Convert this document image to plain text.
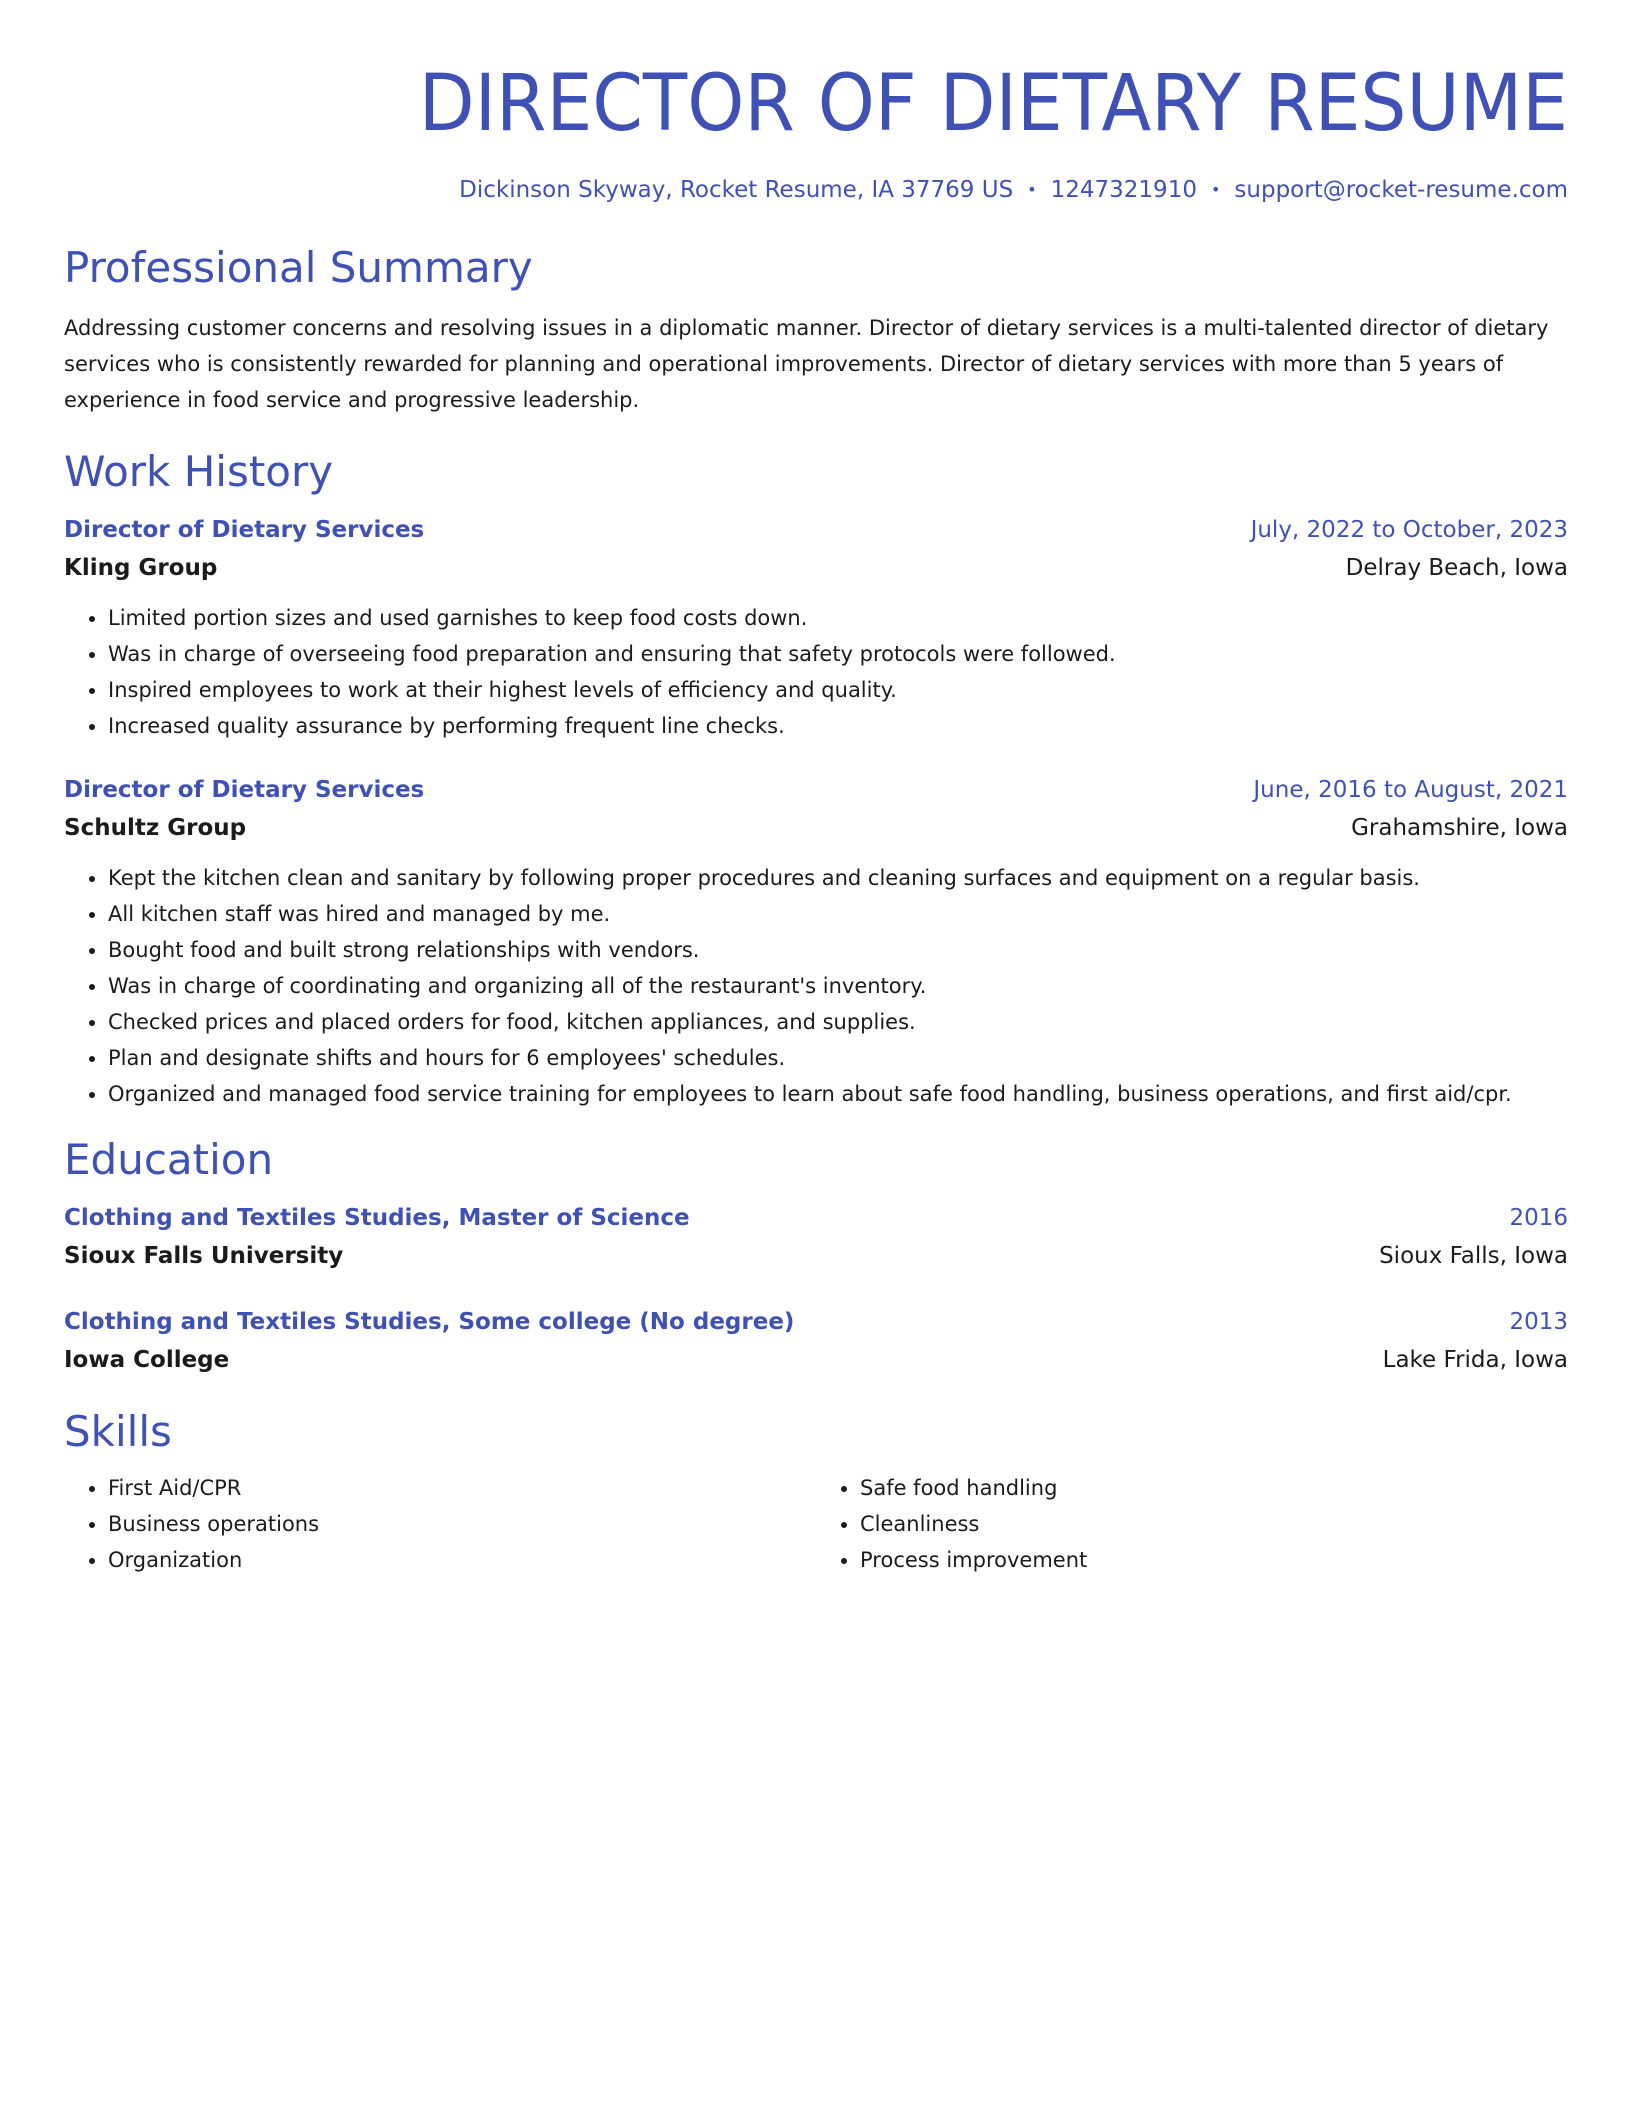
DIRECTOR OF DIETARY RESUME
Dickinson Skyway, Rocket Resume, IA 37769 US • 1247321910 • support@rocket-resume.com
Professional Summary
Addressing customer concerns and resolving issues in a diplomatic manner. Director of dietary services is a multi-talented director of dietary services who is consistently rewarded for planning and operational improvements. Director of dietary services with more than 5 years of experience in food service and progressive leadership.
Work History
Director of Dietary Services	July, 2022 to October, 2023
Kling Group	Delray Beach, Iowa
• Limited portion sizes and used garnishes to keep food costs down.
• Was in charge of overseeing food preparation and ensuring that safety protocols were followed.
• Inspired employees to work at their highest levels of efficiency and quality.
• Increased quality assurance by performing frequent line checks.
Director of Dietary Services	June, 2016 to August, 2021
Schultz Group	Grahamshire, Iowa
• Kept the kitchen clean and sanitary by following proper procedures and cleaning surfaces and equipment on a regular basis.
• All kitchen staff was hired and managed by me.
• Bought food and built strong relationships with vendors.
• Was in charge of coordinating and organizing all of the restaurant's inventory.
• Checked prices and placed orders for food, kitchen appliances, and supplies.
• Plan and designate shifts and hours for 6 employees' schedules.
• Organized and managed food service training for employees to learn about safe food handling, business operations, and first aid/cpr.
Education
Clothing and Textiles Studies, Master of Science	2016
Sioux Falls University	Sioux Falls, Iowa
Clothing and Textiles Studies, Some college (No degree)	2013
Iowa College	Lake Frida, Iowa
Skills
• First Aid/CPR
• Business operations
• Organization
• Safe food handling
• Cleanliness
• Process improvement
